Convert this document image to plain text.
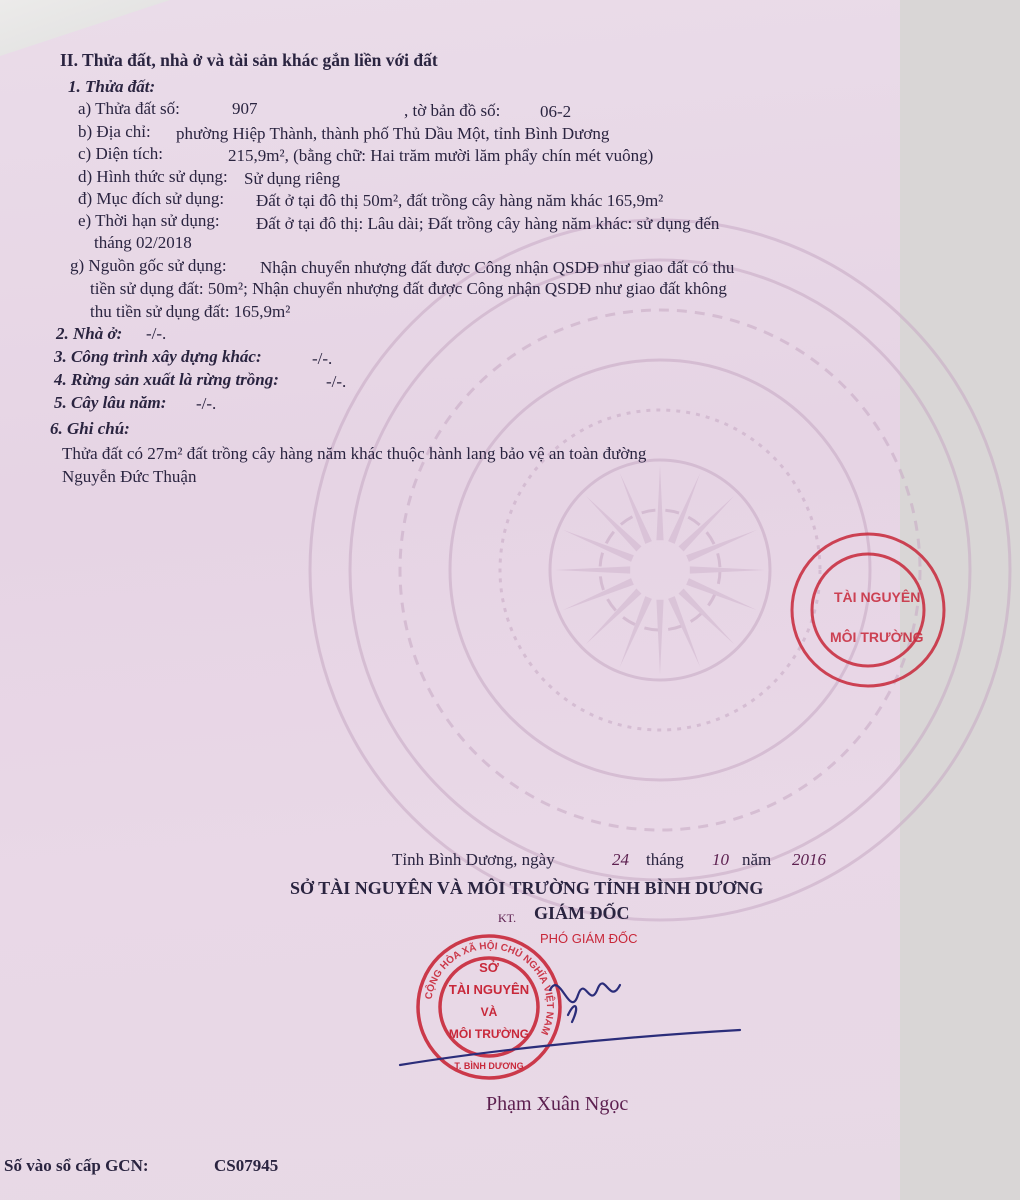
II. Thửa đất, nhà ở và tài sản khác gắn liền với đất
1. Thửa đất:
a) Thửa đất số:	907	, tờ bản đồ số: 06-2
b) Địa chỉ: phường Hiệp Thành, thành phố Thủ Dầu Một, tỉnh Bình Dương
c) Diện tích:	215,9m², (bằng chữ: Hai trăm mười lăm phẩy chín mét vuông)
d) Hình thức sử dụng: Sử dụng riêng
đ) Mục đích sử dụng: Đất ở tại đô thị 50m², đất trồng cây hàng năm khác 165,9m²
e) Thời hạn sử dụng: Đất ở tại đô thị: Lâu dài; Đất trồng cây hàng năm khác: sử dụng đến
tháng 02/2018
g) Nguồn gốc sử dụng: Nhận chuyển nhượng đất được Công nhận QSDĐ như giao đất có thu
tiền sử dụng đất: 50m²; Nhận chuyển nhượng đất được Công nhận QSDĐ như giao đất không
thu tiền sử dụng đất: 165,9m²
2. Nhà ở: -/-.
3. Công trình xây dựng khác:	-/-.
4. Rừng sản xuất là rừng trồng:	-/-.
5. Cây lâu năm: -/-.
6. Ghi chú:
Thửa đất có 27m² đất trồng cây hàng năm khác thuộc hành lang bảo vệ an toàn đường
Nguyễn Đức Thuận
TÀI NGUYÊN
MÔI TRƯỜNG
Tỉnh Bình Dương, ngày	24 tháng 10 năm 2016
SỞ TÀI NGUYÊN VÀ MÔI TRƯỜNG TỈNH BÌNH DƯƠNG
KT. GIÁM ĐỐC
PHÓ GIÁM ĐỐC
CỘNG HÒA XÃ HỘI CHỦ NGHĨA VIỆT NAM
SỞ
TÀI NGUYÊN
VÀ
MÔI TRƯỜNG
T. BÌNH DƯƠNG
Phạm Xuân Ngọc
Số vào sổ cấp GCN:	CS07945
